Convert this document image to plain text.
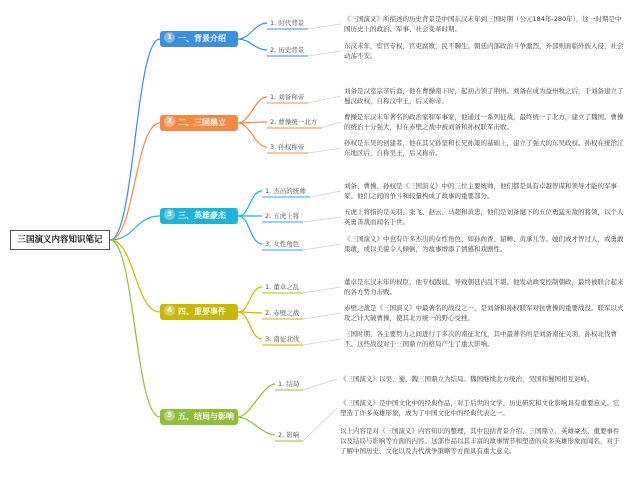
三国演义内容知识笔记
1 一、背景介绍
1. 时代背景	《三国演义》所描述的历史背景是中国东汉末年到三国时期（公元184年-280年），这一时期是中国历史上的政治、军事、社会变革时期。
2. 历史背景	东汉末年，宦官专权，官吏腐败，民不聊生。朝廷内部政治斗争激烈，外部则面临外族入侵，社会动荡不安。
2 二、三国鼎立
1. 刘备称帝
刘备是汉室宗亲后裔，他在曹操南下时，起初占领了荆州。刘备在成为益州牧之后，于刘备建立了蜀汉政权，自称汉中王，后又称帝。
2. 曹操统一北方
曹操是东汉末年著名的政治家和军事家，他通过一系列征战，最终统一了北方，建立了魏国。曹操的统治十分强大，但在赤壁之战中被刘备和孙权联军击败。
3. 孙权称帝	孙权是东吴的创建者，他在其父孙坚和长兄孙策的基础上，建立了强大的东吴政权。孙权在统治江东地区后，自称吴王，后又称帝。
3 三、英雄豪杰
1. 杰出的统帅
刘备、曹操、孙权是《三国演义》中的三位主要统帅，他们都是具有卓越智谋和领导才能的军事家。他们之间的争斗和较量构成了故事的重要部分。
2. 五虎上将	五虎上将指的是关羽、张飞、赵云、马超和黄忠，他们是刘备麾下的五位勇猛无敌的将领，以个人英勇善战而闻名于世。
3. 女性角色
《三国演义》中也有许多杰出的女性角色，如孙尚香、貂蝉、黄承儿等。她们或才智过人，或勇敢果敢，或以美貌令人倾倒，为故事增添了情感和戏剧性。
4 四、重要事件
1. 董卓之乱
董卓是东汉末年的权臣，他专权跋扈，导致朝廷内乱不堪。他发动政变控制朝政，最终被联合起来的各方势力击败。
2. 赤壁之战
赤壁之战是《三国演义》中最著名的战役之一，是刘备和孙权联军对抗曹操的重要战役。联军以火攻之计大破曹操，使其北方统一的野心受挫。
3. 南征北伐
三国时期，各主要势力之间进行了多次的南征北伐，其中最著名的是刘备南征关羽，孙权北伐曹丕。这些战役对于三国鼎立的格局产生了重大影响。
5 五、结局与影响
1. 结局
《三国演义》以吴、蜀、魏三国鼎立为结局。魏国继续北方统治，吴国和蜀国相互对峙。
2. 影响
《三国演义》是中国文化中的经典作品，对于后世的文学、历史研究和文化影响具有重要意义。它塑造了许多英雄形象，成为了中国文化中的经典代表之一。
以上内容是对《三国演义》内容知识的整理，其中包括背景介绍、三国鼎立、英雄豪杰、重要事件以及结局与影响等方面的内容。这部作品以其丰富的故事情节和塑造的众多英雄形象而闻名，对于了解中国历史、文化以及古代战争策略等方面具有重大意义。
